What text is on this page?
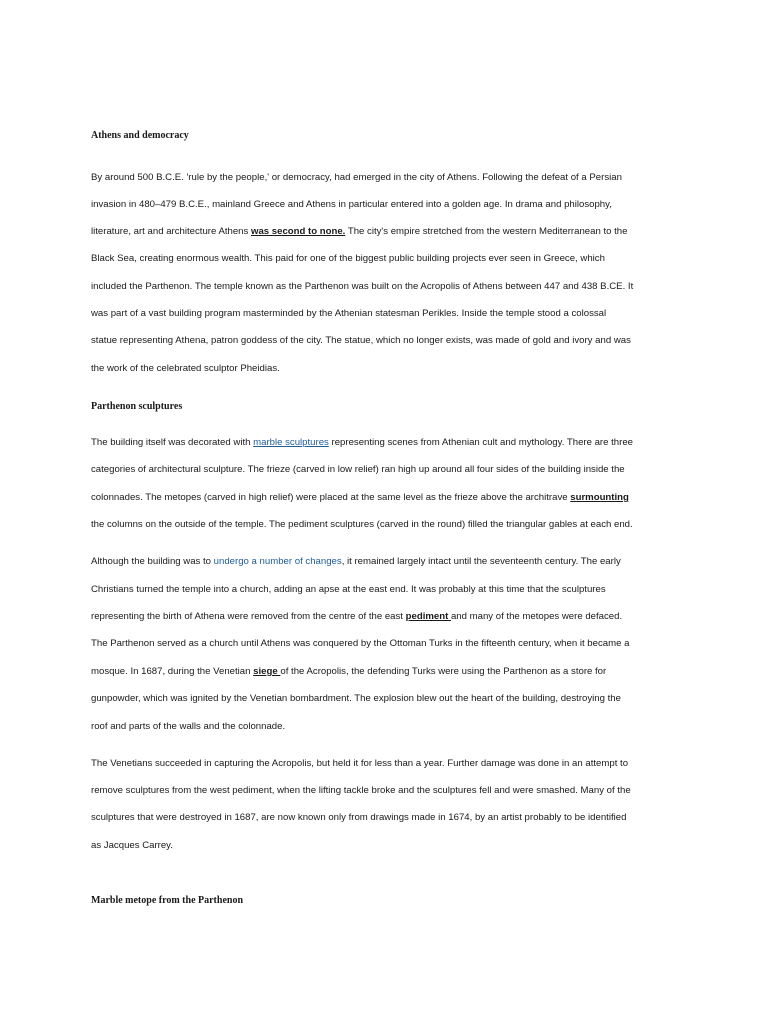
Athens and democracy
By around 500 B.C.E. 'rule by the people,' or democracy, had emerged in the city of Athens. Following the defeat of a Persian
invasion in 480–479 B.C.E., mainland Greece and Athens in particular entered into a golden age. In drama and philosophy,
literature, art and architecture Athens was second to none. The city's empire stretched from the western Mediterranean to the
Black Sea, creating enormous wealth. This paid for one of the biggest public building projects ever seen in Greece, which
included the Parthenon. The temple known as the Parthenon was built on the Acropolis of Athens between 447 and 438 B.CE. It
was part of a vast building program masterminded by the Athenian statesman Perikles. Inside the temple stood a colossal
statue representing Athena, patron goddess of the city. The statue, which no longer exists, was made of gold and ivory and was
the work of the celebrated sculptor Pheidias.
Parthenon sculptures
The building itself was decorated with marble sculptures representing scenes from Athenian cult and mythology. There are three
categories of architectural sculpture. The frieze (carved in low relief) ran high up around all four sides of the building inside the
colonnades. The metopes (carved in high relief) were placed at the same level as the frieze above the architrave surmounting
the columns on the outside of the temple. The pediment sculptures (carved in the round) filled the triangular gables at each end.
Although the building was to undergo a number of changes, it remained largely intact until the seventeenth century. The early
Christians turned the temple into a church, adding an apse at the east end. It was probably at this time that the sculptures
representing the birth of Athena were removed from the centre of the east pediment and many of the metopes were defaced.
The Parthenon served as a church until Athens was conquered by the Ottoman Turks in the fifteenth century, when it became a
mosque. In 1687, during the Venetian siege of the Acropolis, the defending Turks were using the Parthenon as a store for
gunpowder, which was ignited by the Venetian bombardment. The explosion blew out the heart of the building, destroying the
roof and parts of the walls and the colonnade.
The Venetians succeeded in capturing the Acropolis, but held it for less than a year. Further damage was done in an attempt to
remove sculptures from the west pediment, when the lifting tackle broke and the sculptures fell and were smashed. Many of the
sculptures that were destroyed in 1687, are now known only from drawings made in 1674, by an artist probably to be identified
as Jacques Carrey.
Marble metope from the Parthenon
